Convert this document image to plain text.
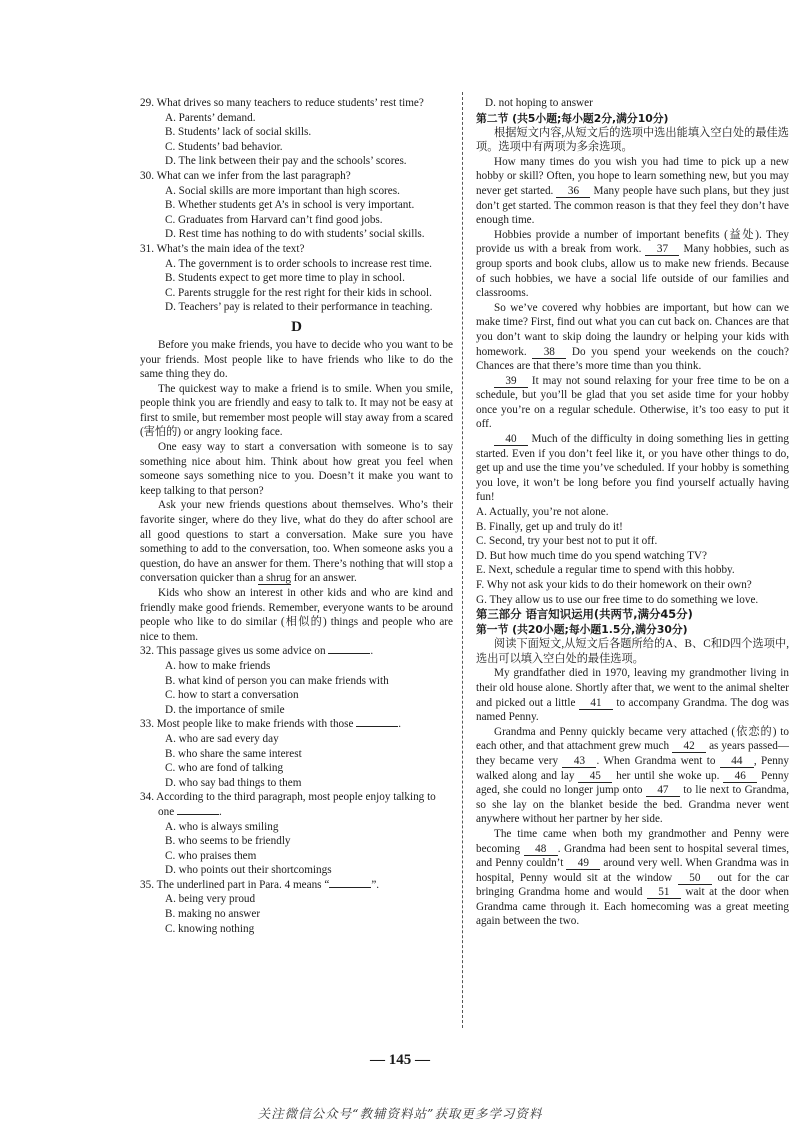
29. What drives so many teachers to reduce students’ rest time?

A. Parents’ demand.

B. Students’ lack of social skills.

C. Students’ bad behavior.

D. The link between their pay and the schools’ scores.

30. What can we infer from the last paragraph?

A. Social skills are more important than high scores.

B. Whether students get A’s in school is very important.

C. Graduates from Harvard can’t find good jobs.

D. Rest time has nothing to do with students’ social skills.

31. What’s the main idea of the text?

A. The government is to order schools to increase rest time.

B. Students expect to get more time to play in school.

C. Parents struggle for the rest right for their kids in school.

D. Teachers’ pay is related to their performance in teaching.

D

Before you make friends, you have to decide who you want to be your friends. Most people like to have friends who like to do the same thing they do.

The quickest way to make a friend is to smile. When you smile, people think you are friendly and easy to talk to. It may not be easy at first to smile, but remember most people will stay away from a scared (害怕的) or angry looking face.

One easy way to start a conversation with someone is to say something nice about him. Think about how great you feel when someone says something nice to you. Doesn’t it make you want to keep talking to that person?

Ask your new friends questions about themselves. Who’s their favorite singer, where do they live, what do they do after school are all good questions to start a conversation. Make sure you have something to add to the conversation, too. When someone asks you a question, do have an answer for them. There’s nothing that will stop a conversation quicker than a shrug for an answer.

Kids who show an interest in other kids and who are kind and friendly make good friends. Remember, everyone wants to be around people who like to do similar (相似的) things and people who are nice to them.

32. This passage gives us some advice on	.

A. how to make friends

B. what kind of person you can make friends with

C. how to start a conversation

D. the importance of smile

33. Most people like to make friends with those	.

A. who are sad every day

B. who share the same interest

C. who are fond of talking

D. who say bad things to them

34. According to the third paragraph, most people enjoy talking to one	.

A. who is always smiling

B. who seems to be friendly

C. who praises them

D. who points out their shortcomings

35. The underlined part in Para. 4 means “	”.

A. being very proud

B. making no answer

C. knowing nothing

D. not hoping to answer

第二节 (共5小题;每小题2分,满分10分)

根据短文内容,从短文后的选项中选出能填入空白处的最佳选项。选项中有两项为多余选项。

How many times do you wish you had time to pick up a new hobby or skill? Often, you hope to learn something new, but you may never get started. 36 Many people have such plans, but they just don’t get started. The common reason is that they feel they don’t have enough time.

Hobbies provide a number of important benefits (益处). They provide us with a break from work. 37 Many hobbies, such as group sports and book clubs, allow us to make new friends. Because of such hobbies, we have a social life outside of our families and classrooms.

So we’ve covered why hobbies are important, but how can we make time? First, find out what you can cut back on. Chances are that you don’t want to skip doing the laundry or helping your kids with homework. 38 Do you spend your weekends on the couch? Chances are that there’s more time than you think.

39 It may not sound relaxing for your free time to be on a schedule, but you’ll be glad that you set aside time for your hobby once you’re on a regular schedule. Otherwise, it’s too easy to put it off.

40 Much of the difficulty in doing something lies in getting started. Even if you don’t feel like it, or you have other things to do, get up and use the time you’ve scheduled. If your hobby is something you love, it won’t be long before you find yourself actually having fun!

A. Actually, you’re not alone.

B. Finally, get up and truly do it!

C. Second, try your best not to put it off.

D. But how much time do you spend watching TV?

E. Next, schedule a regular time to spend with this hobby.

F. Why not ask your kids to do their homework on their own?

G. They allow us to use our free time to do something we love.

第三部分 语言知识运用(共两节,满分45分)

第一节 (共20小题;每小题1.5分,满分30分)

阅读下面短文,从短文后各题所给的A、B、C和D四个选项中,选出可以填入空白处的最佳选项。

My grandfather died in 1970, leaving my grandmother living in their old house alone. Shortly after that, we went to the animal shelter and picked out a little 41 to accompany Grandma. The dog was named Penny.

Grandma and Penny quickly became very attached (依恋的) to each other, and that attachment grew much 42 as years passed—they became very 43 . When Grandma went to 44 , Penny walked along and lay 45 her until she woke up. 46 Penny aged, she could no longer jump onto 47 to lie next to Grandma, so she lay on the blanket beside the bed. Grandma never went anywhere without her partner by her side.

The time came when both my grandmother and Penny were becoming 48 . Grandma had been sent to hospital several times, and Penny couldn’t 49 around very well. When Grandma was in hospital, Penny would sit at the window 50 out for the car bringing Grandma home and would 51 wait at the door when Grandma came through it. Each homecoming was a great meeting again between the two.

— 145 —
关注微信公众号“教辅资料站”获取更多学习资料
